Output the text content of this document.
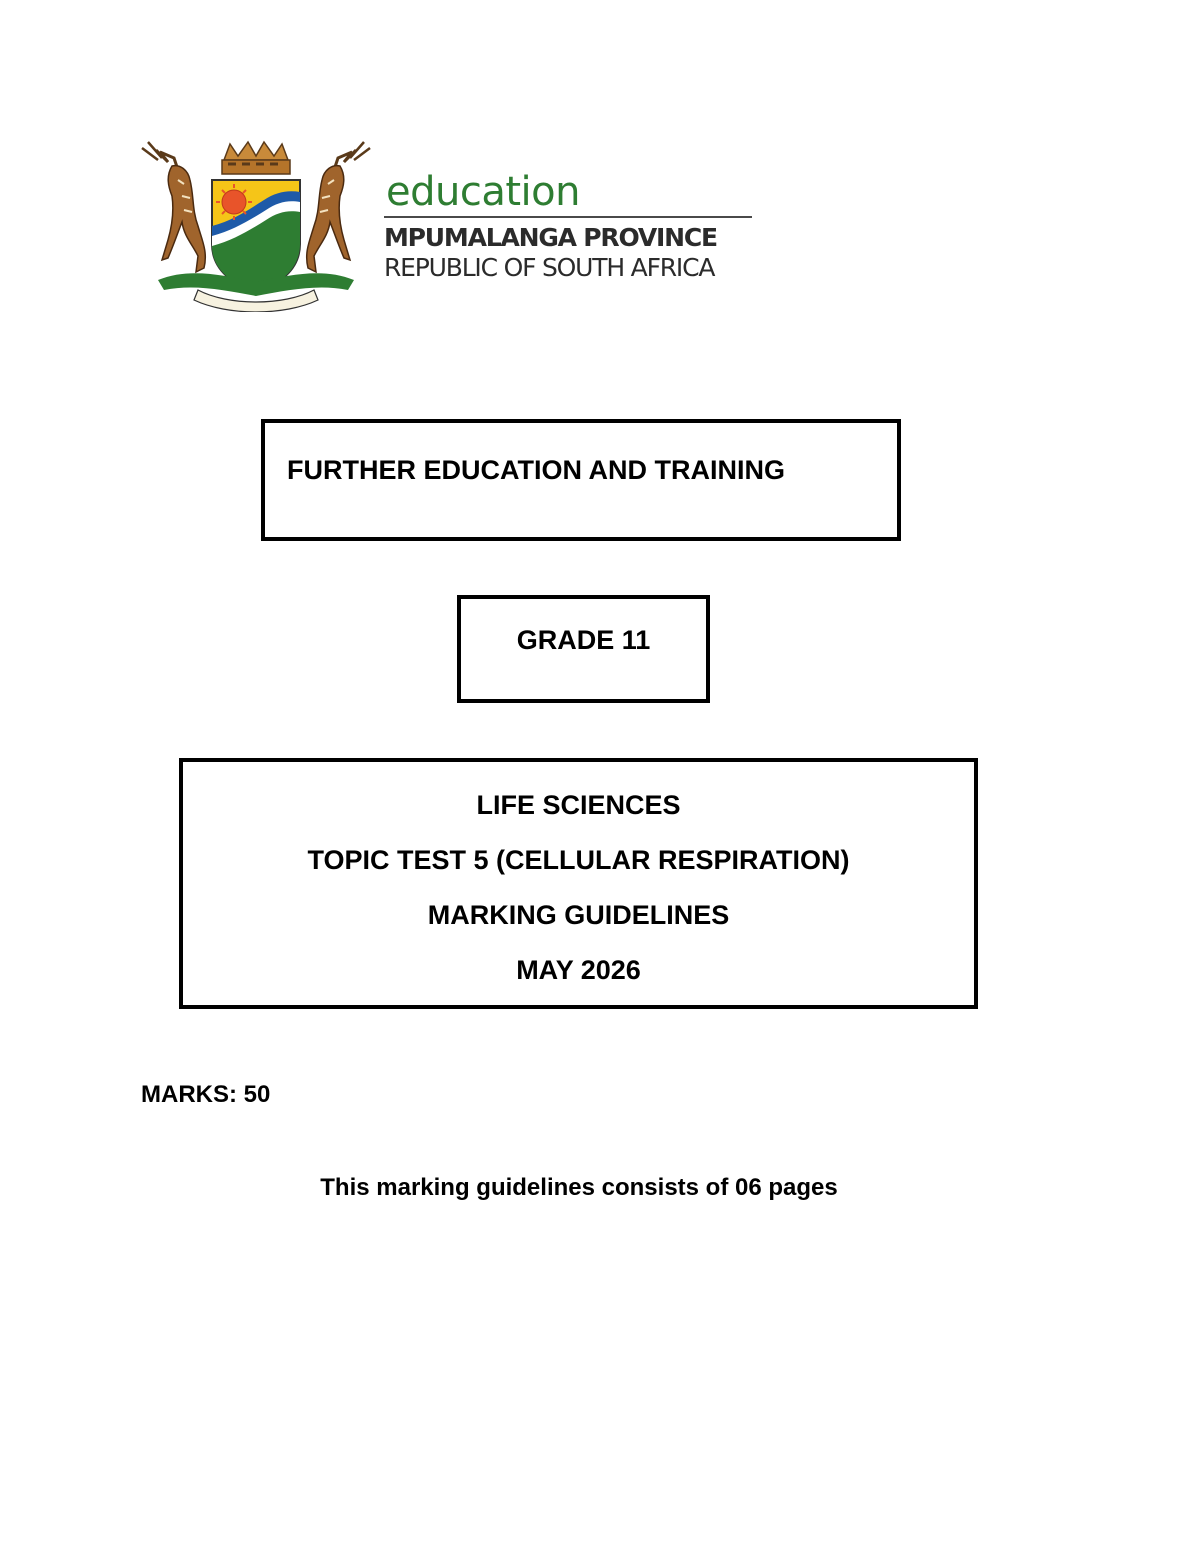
education
MPUMALANGA PROVINCE
REPUBLIC OF SOUTH AFRICA
FURTHER EDUCATION AND TRAINING
GRADE 11
LIFE SCIENCES
TOPIC TEST 5 (CELLULAR RESPIRATION)
MARKING GUIDELINES
MAY 2026
MARKS: 50
This marking guidelines consists of 06 pages
